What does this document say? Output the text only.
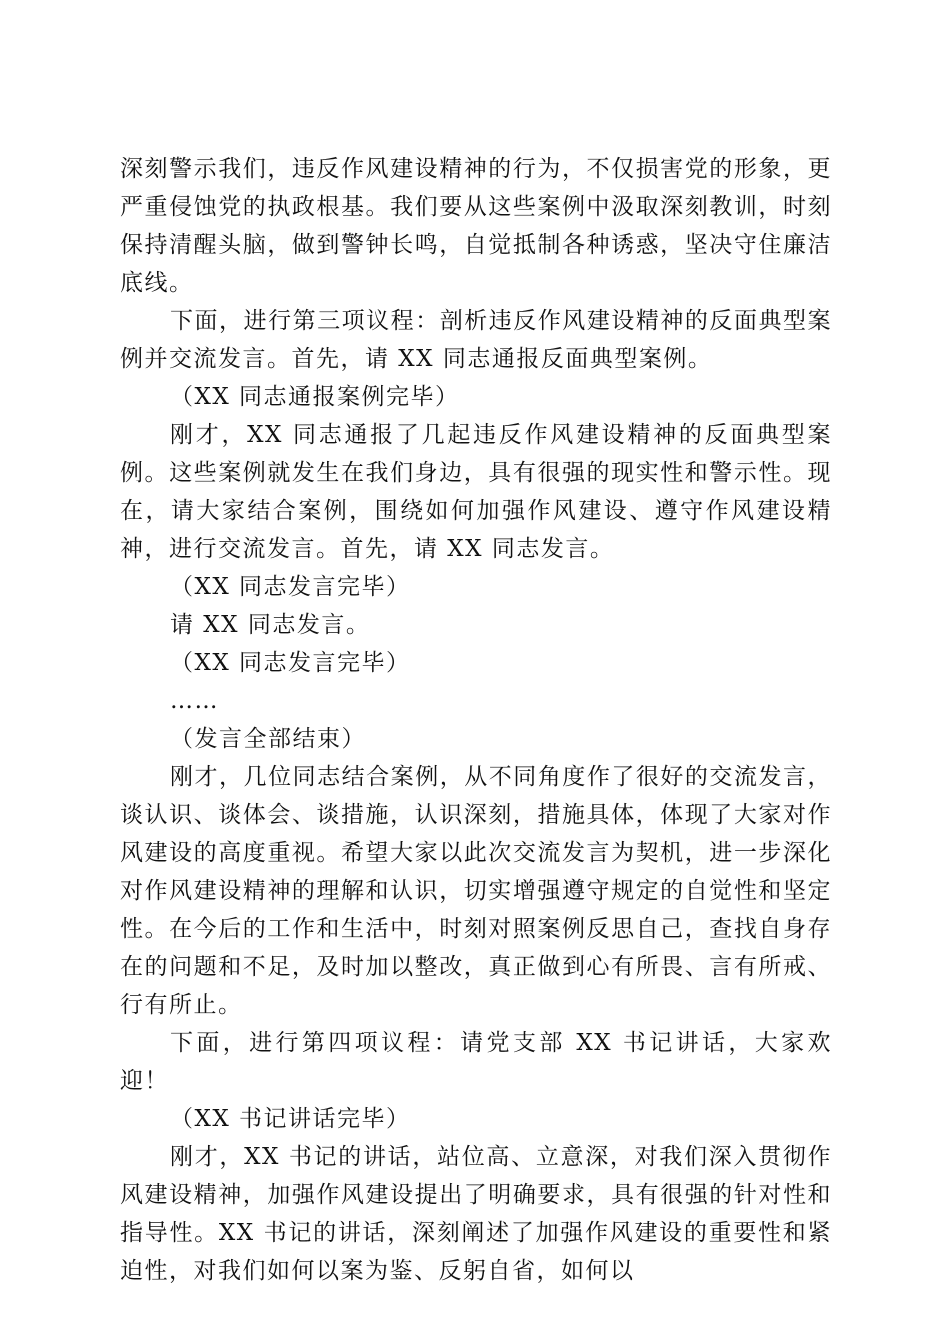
深刻警示我们，违反作风建设精神的行为，不仅损害党的形象，更严重侵蚀党的执政根基。我们要从这些案例中汲取深刻教训，时刻保持清醒头脑，做到警钟长鸣，自觉抵制各种诱惑，坚决守住廉洁底线。

下面，进行第三项议程：剖析违反作风建设精神的反面典型案例并交流发言。首先，请 XX 同志通报反面典型案例。

（XX 同志通报案例完毕）

刚才，XX 同志通报了几起违反作风建设精神的反面典型案例。这些案例就发生在我们身边，具有很强的现实性和警示性。现在，请大家结合案例，围绕如何加强作风建设、遵守作风建设精神，进行交流发言。首先，请 XX 同志发言。

（XX 同志发言完毕）

请 XX 同志发言。

（XX 同志发言完毕）

……

（发言全部结束）

刚才，几位同志结合案例，从不同角度作了很好的交流发言，谈认识、谈体会、谈措施，认识深刻，措施具体，体现了大家对作风建设的高度重视。希望大家以此次交流发言为契机，进一步深化对作风建设精神的理解和认识，切实增强遵守规定的自觉性和坚定性。在今后的工作和生活中，时刻对照案例反思自己，查找自身存在的问题和不足，及时加以整改，真正做到心有所畏、言有所戒、行有所止。

下面，进行第四项议程：请党支部 XX 书记讲话，大家欢迎！

（XX 书记讲话完毕）

刚才，XX 书记的讲话，站位高、立意深，对我们深入贯彻作风建设精神，加强作风建设提出了明确要求，具有很强的针对性和指导性。XX 书记的讲话，深刻阐述了加强作风建设的重要性和紧迫性，对我们如何以案为鉴、反躬自省，如何以
